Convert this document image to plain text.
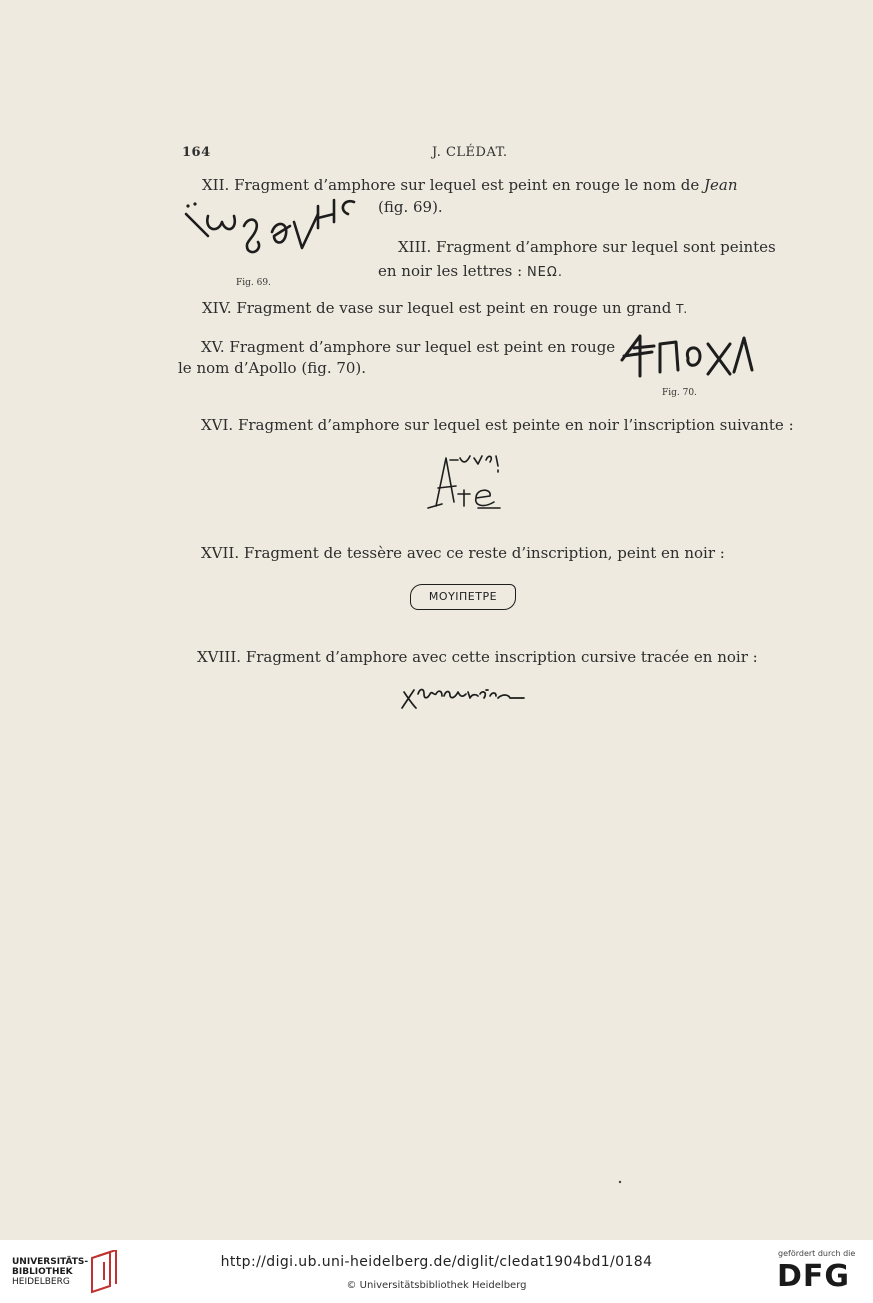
164	J. CLÉDAT.
XII. Fragment d’amphore sur lequel est peint en rouge le nom de Jean
(fig. 69).
Fig. 69.
XIII. Fragment d’amphore sur lequel sont peintes
en noir les lettres : ΝΕΩ.
XIV. Fragment de vase sur lequel est peint en rouge un grand Τ.
XV. Fragment d’amphore sur lequel est peint en rouge
le nom d’Apollo (fig. 70).
Fig. 70.
XVI. Fragment d’amphore sur lequel est peinte en noir l’inscription suivante :
XVII. Fragment de tessère avec ce reste d’inscription, peint en noir :
ΜΟΥΙΠΕΤΡΕ
XVIII. Fragment d’amphore avec cette inscription cursive tracée en noir :
UNIVERSITÄTS-
BIBLIOTHEK
HEIDELBERG
http://digi.ub.uni-heidelberg.de/diglit/cledat1904bd1/0184
© Universitätsbibliothek Heidelberg
gefördert durch die
DFG
